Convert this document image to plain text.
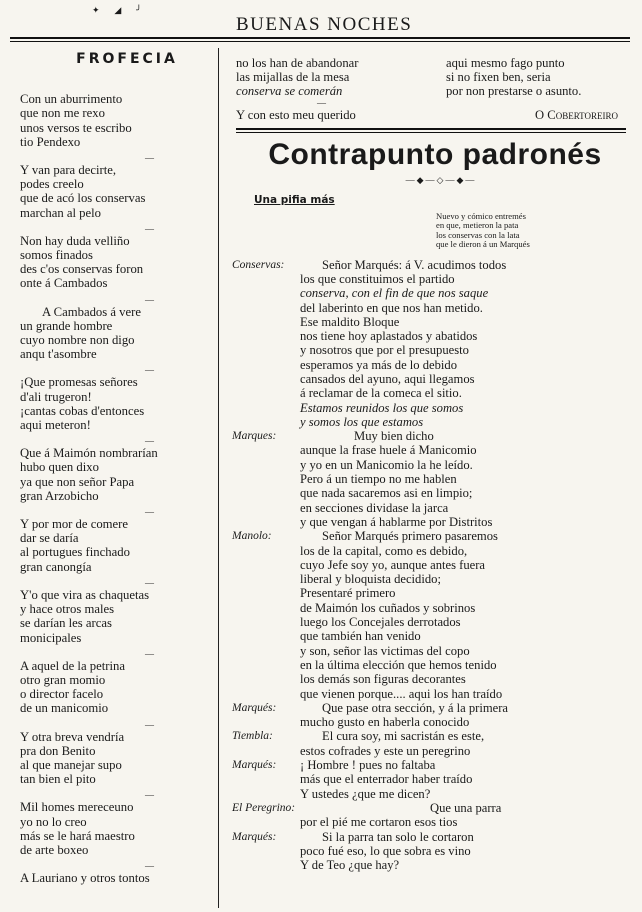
✦ ◢ ╯
BUENAS NOCHES
FROFECIA
Con un aburrimento
que non me rexo
unos versos te escribo
tio Pendexo
—
Y van para decirte,
podes creelo
que de acó los conservas
marchan al pelo
—
Non hay duda velliño
somos finados
des c'os conservas foron
onte á Cambados
—
A Cambados á vere
un grande hombre
cuyo nombre non digo
anqu t'asombre
—
¡Que promesas señores
d'ali trugeron!
¡cantas cobas d'entonces
aqui meteron!
—
Que á Maimón nombrarían
hubo quen dixo
ya que non señor Papa
gran Arzobicho
—
Y por mor de comere
dar se daría
al portugues finchado
gran canongía
—
Y'o que vira as chaquetas
y hace otros males
se darían les arcas
monicipales
—
A aquel de la petrina
otro gran momio
o director facelo
de un manicomio
—
Y otra breva vendría
pra don Benito
al que manejar supo
tan bien el pito
—
Mil homes mereceuno
yo no lo creo
más se le hará maestro
de arte boxeo
—
A Lauriano y otros tontos
no los han de abandonar
las mijallas de la mesa
conserva se comerán
aqui mesmo fago punto
si no fixen ben, seria
por non prestarse o asunto.
—
Y con esto meu querido	O Cobertoreiro
Contrapunto padronés
—◆—◇—◆—
Una pifia más
Nuevo y cómico entremés
en que, metieron la pata
los conservas con la lata
que le dieron á un Marqués
Conservas:	Señor Marqués: á V. acudimos todos
los que constituimos el partido
conserva, con el fin de que nos saque
del laberinto en que nos han metido.
Ese maldito Bloque
nos tiene hoy aplastados y abatidos
y nosotros que por el presupuesto
esperamos ya más de lo debido
cansados del ayuno, aqui llegamos
á reclamar de la comeca el sitio.
Estamos reunidos los que somos
y somos los que estamos
Marques:	Muy bien dicho
aunque la frase huele á Manicomio
y yo en un Manicomio la he leído.
Pero á un tiempo no me hablen
que nada sacaremos asi en limpio;
en secciones dividase la jarca
y que vengan á hablarme por Distritos
Manolo:	Señor Marqués primero pasaremos
los de la capital, como es debido,
cuyo Jefe soy yo, aunque antes fuera
liberal y bloquista decidido;
Presentaré primero
de Maimón los cuñados y sobrinos
luego los Concejales derrotados
que también han venido
y son, señor las victimas del copo
en la última elección que hemos tenido
los demás son figuras decorantes
que vienen porque.... aqui los han traído
Marqués:	Que pase otra sección, y á la primera
mucho gusto en haberla conocido
Tiembla:	El cura soy, mi sacristán es este,
estos cofrades y este un peregrino
Marqués:	¡ Hombre ! pues no faltaba
más que el enterrador haber traído
Y ustedes ¿que me dicen?
El Peregrino:	Que una parra
por el pié me cortaron esos tios
Marqués:	Si la parra tan solo le cortaron
poco fué eso, lo que sobra es vino
Y de Teo ¿que hay?
